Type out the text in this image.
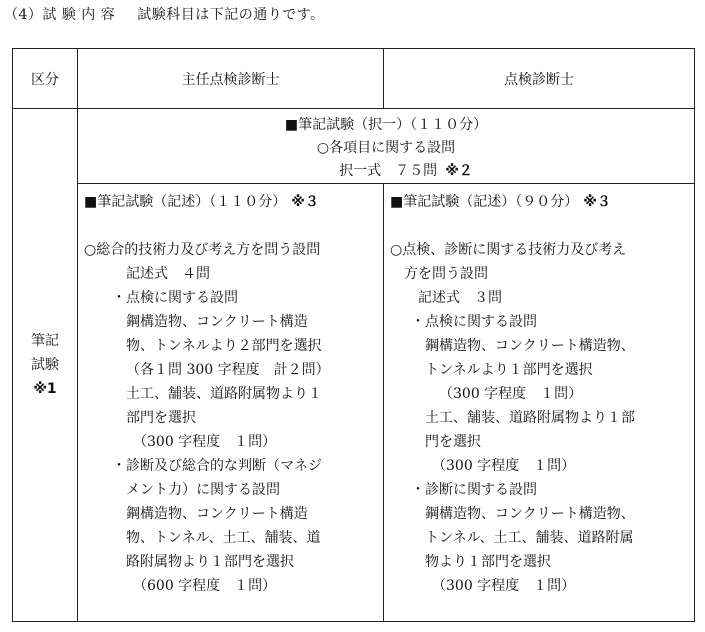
（4）試 験 内 容 試験科目は下記の通りです。
区分	主任点検診断士	点検診断士
筆記
試験
※1
■筆記試験（択一）（１１０分）
○各項目に関する設問
択一式　７５問 ※２
■筆記試験（記述）（１１０分） ※３
○総合的技術力及び考え方を問う設問
記述式　４問
・点検に関する設問
鋼構造物、コンクリート構造
物、トンネルより２部門を選択
（各１問 300 字程度　計２問）
土工、舗装、道路附属物より１
部門を選択
（300 字程度　１問）
・診断及び総合的な判断（マネジ
メント力）に関する設問
鋼構造物、コンクリート構造
物、トンネル、土工、舗装、道
路附属物より１部門を選択
（600 字程度　１問）
■筆記試験（記述）（９０分） ※３
○点検、診断に関する技術力及び考え
方を問う設問
記述式　３問
・点検に関する設問
鋼構造物、コンクリート構造物、
トンネルより１部門を選択
（300 字程度　１問）
土工、舗装、道路附属物より１部
門を選択
（300 字程度　１問）
・診断に関する設問
鋼構造物、コンクリート構造物、
トンネル、土工、舗装、道路附属
物より１部門を選択
（300 字程度　１問）
